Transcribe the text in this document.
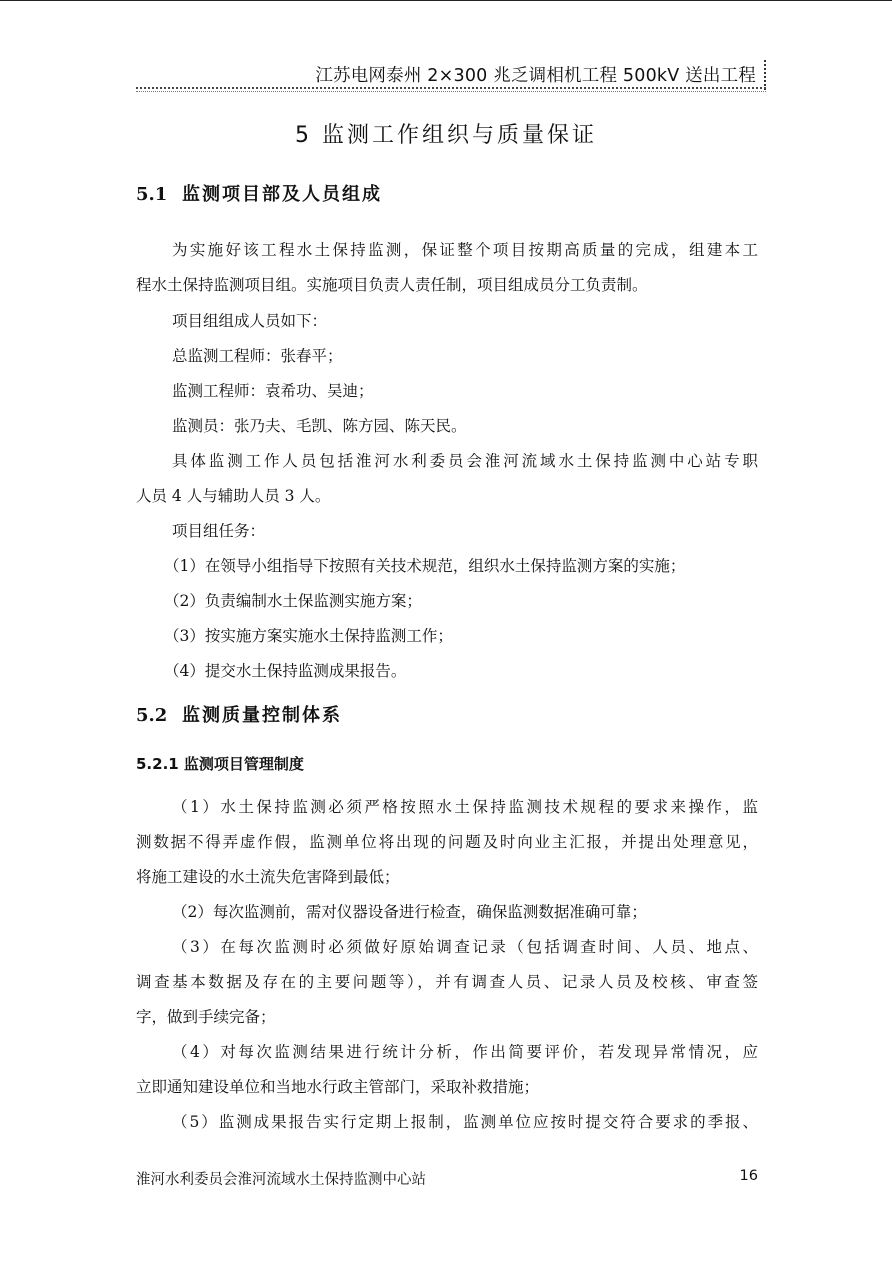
江苏电网泰州 2×300 兆乏调相机工程 500kV 送出工程
5 监测工作组织与质量保证
5.1 监测项目部及人员组成
为实施好该工程水土保持监测，保证整个项目按期高质量的完成，组建本工
程水土保持监测项目组。实施项目负责人责任制，项目组成员分工负责制。
项目组组成人员如下：
总监测工程师：张春平；
监测工程师：袁希功、吴迪；
监测员：张乃夫、毛凯、陈方园、陈天民。
具体监测工作人员包括淮河水利委员会淮河流域水土保持监测中心站专职
人员 4 人与辅助人员 3 人。
项目组任务：
（1）在领导小组指导下按照有关技术规范，组织水土保持监测方案的实施；
（2）负责编制水土保监测实施方案；
（3）按实施方案实施水土保持监测工作；
（4）提交水土保持监测成果报告。
5.2 监测质量控制体系
5.2.1 监测项目管理制度
（1）水土保持监测必须严格按照水土保持监测技术规程的要求来操作，监
测数据不得弄虚作假，监测单位将出现的问题及时向业主汇报，并提出处理意见，
将施工建设的水土流失危害降到最低；
（2）每次监测前，需对仪器设备进行检查，确保监测数据准确可靠；
（3）在每次监测时必须做好原始调查记录（包括调查时间、人员、地点、
调查基本数据及存在的主要问题等），并有调查人员、记录人员及校核、审查签
字，做到手续完备；
（4）对每次监测结果进行统计分析，作出简要评价，若发现异常情况，应
立即通知建设单位和当地水行政主管部门，采取补救措施；
（5）监测成果报告实行定期上报制，监测单位应按时提交符合要求的季报、
淮河水利委员会淮河流域水土保持监测中心站	16
